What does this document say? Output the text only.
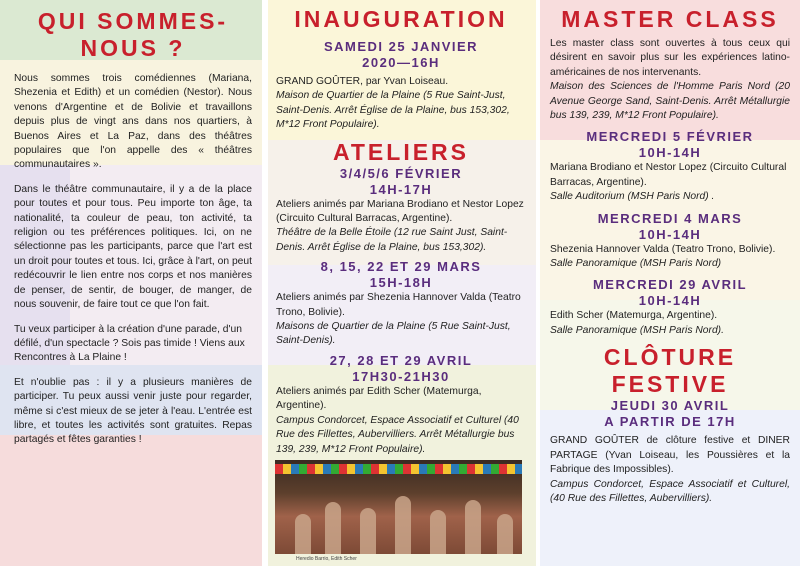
QUI SOMMES-NOUS ?

Nous sommes trois comédiennes (Mariana, Shezenia et Edith) et un comédien (Nestor). Nous venons d'Argentine et de Bolivie et travaillons depuis plus de vingt ans dans nos quartiers, à Buenos Aires et La Paz, dans des théâtres populaires que l'on appelle des « théâtres communautaires ».

Dans le théâtre communautaire, il y a de la place pour toutes et pour tous. Peu importe ton âge, ta nationalité, ta couleur de peau, ton activité, ta religion ou tes préférences politiques. Ici, on ne sélectionne pas les participants, parce que l'art est un droit pour toutes et tous. Ici, grâce à l'art, on peut redécouvrir le lien entre nos corps et nos manières de penser, de sentir, de bouger, de manger, de nous souvenir, de faire tout ce que l'on fait.

Tu veux participer à la création d'une parade, d'un défilé, d'un spectacle ? Sois pas timide ! Viens aux Rencontres à La Plaine !

Et n'oublie pas : il y a plusieurs manières de participer. Tu peux aussi venir juste pour regarder, même si c'est mieux de se jeter à l'eau. L'entrée est libre, et toutes les activités sont gratuites. Repas partagés et fêtes garanties !

INAUGURATION
SAMEDI 25 JANVIER
2020—16H

GRAND GOÛTER, par Yvan Loiseau.

Maison de Quartier de la Plaine (5 Rue Saint-Just, Saint-Denis. Arrêt Église de la Plaine, bus 153,302, M*12 Front Populaire).

ATELIERS
3/4/5/6 FÉVRIER
14H-17H

Ateliers animés par Mariana Brodiano et Nestor Lopez (Circuito Cultural Barracas, Argentine).

Théâtre de la Belle Étoile (12 rue Saint Just, Saint-Denis. Arrêt Église de la Plaine, bus 153,302).

8, 15, 22 ET 29 MARS
15H-18H

Ateliers animés par Shezenia Hannover Valda (Teatro Trono, Bolivie).

Maisons de Quartier de la Plaine (5 Rue Saint-Just, Saint-Denis).

27, 28 ET 29 AVRIL
17H30-21H30

Ateliers animés par Edith Scher (Matemurga, Argentine).

Campus Condorcet, Espace Associatif et Culturel (40 Rue des Fillettes, Aubervilliers. Arrêt Métallurgie bus 139, 239, M*12 Front Populaire).

Heredio Barrio, Edith Scher
MASTER CLASS

Les master class sont ouvertes à tous ceux qui désirent en savoir plus sur les expériences latino-américaines de nos intervenants.

Maison des Sciences de l'Homme Paris Nord (20 Avenue George Sand, Saint-Denis. Arrêt Métallurgie bus 139, 239, M*12 Front Populaire).

MERCREDI 5 FÉVRIER
10H-14H

Mariana Brodiano et Nestor Lopez (Circuito Cultural Barracas, Argentine).

Salle Auditorium (MSH Paris Nord) .

MERCREDI 4 MARS
10H-14H

Shezenia Hannover Valda (Teatro Trono, Bolivie).

Salle Panoramique (MSH Paris Nord)

MERCREDI 29 AVRIL
10H-14H

Edith Scher (Matemurga, Argentine).

Salle Panoramique (MSH Paris Nord).

CLÔTURE FESTIVE
JEUDI 30 AVRIL
A PARTIR DE 17H

GRAND GOÛTER de clôture festive et DINER PARTAGE (Yvan Loiseau, les Poussières et la Fabrique des Impossibles).

Campus Condorcet, Espace Associatif et Culturel, (40 Rue des Fillettes, Aubervilliers).
